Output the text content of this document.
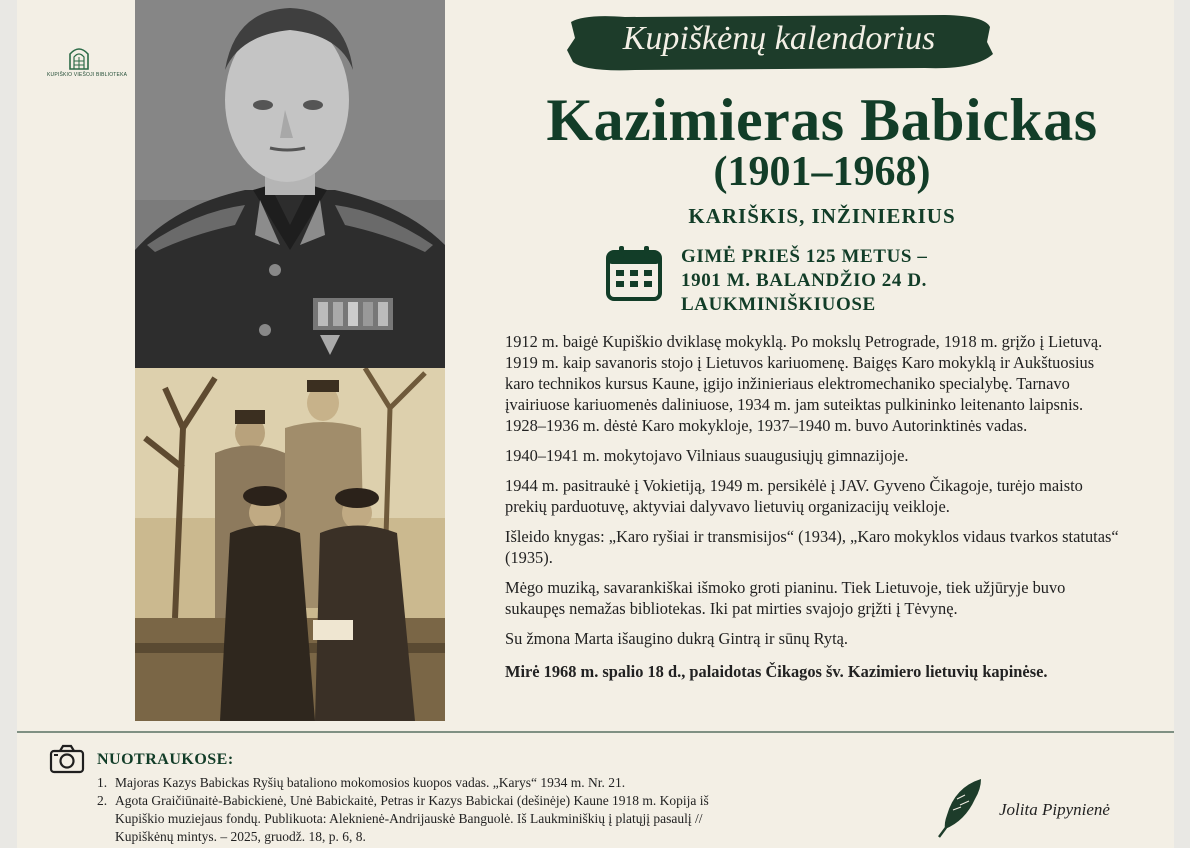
KUPIŠKIO VIEŠOJI BIBLIOTEKA
Kupiškėnų kalendorius
Kazimieras Babickas
(1901–1968)
KARIŠKIS, INŽINIERIUS
GIMĖ PRIEŠ 125 METUS –
1901 M. BALANDŽIO 24 D.
LAUKMINIŠKIUOSE

1912 m. baigė Kupiškio dviklasę mokyklą. Po mokslų Petrograde, 1918 m. grįžo į Lietuvą. 1919 m. kaip savanoris stojo į Lietuvos kariuomenę. Baigęs Karo mokyklą ir Aukštuosius karo technikos kursus Kaune, įgijo inžinieriaus elektromechaniko specialybę. Tarnavo įvairiuose kariuomenės daliniuose, 1934 m. jam suteiktas pulkininko leitenanto laipsnis. 1928–1936 m. dėstė Karo mokykloje, 1937–1940 m. buvo Autorinktinės vadas.

1940–1941 m. mokytojavo Vilniaus suaugusiųjų gimnazijoje.

1944 m. pasitraukė į Vokietiją, 1949 m. persikėlė į JAV. Gyveno Čikagoje, turėjo maisto prekių parduotuvę, aktyviai dalyvavo lietuvių organizacijų veikloje.

Išleido knygas: „Karo ryšiai ir transmisijos“ (1934), „Karo mokyklos vidaus tvarkos statutas“ (1935).

Mėgo muziką, savarankiškai išmoko groti pianinu. Tiek Lietuvoje, tiek užjūryje buvo sukaupęs nemažas bibliotekas. Iki pat mirties svajojo grįžti į Tėvynę.

Su žmona Marta išaugino dukrą Gintrą ir sūnų Rytą.

Mirė 1968 m. spalio 18 d., palaidotas Čikagos šv. Kazimiero lietuvių kapinėse.

NUOTRAUKOSE:
1. Majoras Kazys Babickas Ryšių bataliono mokomosios kuopos vadas. „Karys“ 1934 m. Nr. 21.
2. Agota Graičiūnaitė-Babickienė, Unė Babickaitė, Petras ir Kazys Babickai (dešinėje) Kaune 1918 m. Kopija iš Kupiškio muziejaus fondų. Publikuota: Aleknienė-Andrijauskė Banguolė. Iš Laukminiškių į platųjį pasaulį // Kupiškėnų mintys. – 2025, gruodž. 18, p. 6, 8.
Jolita Pipynienė
